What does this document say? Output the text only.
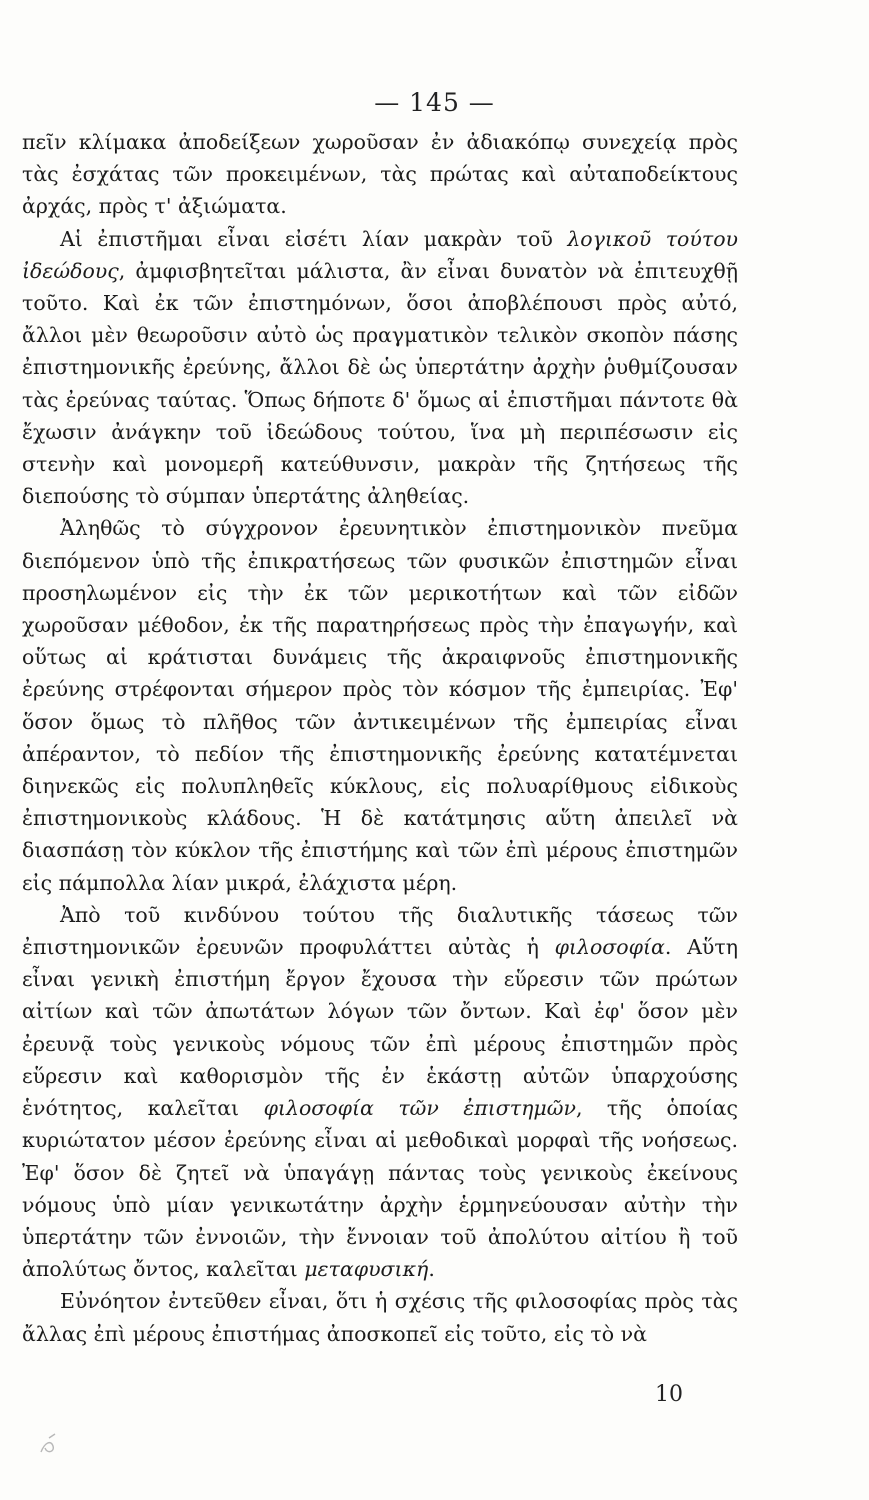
— 145 —

πεῖν κλίμακα ἀποδείξεων χωροῦσαν ἐν ἀδιακόπῳ συνεχείᾳ πρὸς τὰς ἐσχάτας τῶν προκειμένων, τὰς πρώτας καὶ αὐταποδείκτους ἀρχάς, πρὸς τ' ἀξιώματα.

Αἱ ἐπιστῆμαι εἶναι εἰσέτι λίαν μακρὰν τοῦ λογικοῦ τούτου ἰδεώδους, ἀμφισβητεῖται μάλιστα, ἂν εἶναι δυνατὸν νὰ ἐπιτευχθῇ τοῦτο. Καὶ ἐκ τῶν ἐπιστημόνων, ὅσοι ἀποβλέπουσι πρὸς αὐτό, ἄλλοι μὲν θεωροῦσιν αὐτὸ ὡς πραγματικὸν τελικὸν σκοπὸν πάσης ἐπιστημονικῆς ἐρεύνης, ἄλλοι δὲ ὡς ὑπερτάτην ἀρχὴν ῥυθμίζουσαν τὰς ἐρεύνας ταύτας. Ὅπως δήποτε δ' ὅμως αἱ ἐπιστῆμαι πάντοτε θὰ ἔχωσιν ἀνάγκην τοῦ ἰδεώδους τούτου, ἵνα μὴ περιπέσωσιν εἰς στενὴν καὶ μονομερῆ κατεύθυνσιν, μακρὰν τῆς ζητήσεως τῆς διεπούσης τὸ σύμπαν ὑπερτάτης ἀληθείας.

Ἀληθῶς τὸ σύγχρονον ἐρευνητικὸν ἐπιστημονικὸν πνεῦμα διεπόμενον ὑπὸ τῆς ἐπικρατήσεως τῶν φυσικῶν ἐπιστημῶν εἶναι προσηλωμένον εἰς τὴν ἐκ τῶν μερικοτήτων καὶ τῶν εἰδῶν χωροῦσαν μέθοδον, ἐκ τῆς παρατηρήσεως πρὸς τὴν ἐπαγωγήν, καὶ οὕτως αἱ κράτισται δυνάμεις τῆς ἀκραιφνοῦς ἐπιστημονικῆς ἐρεύνης στρέφονται σήμερον πρὸς τὸν κόσμον τῆς ἐμπειρίας. Ἐφ' ὅσον ὅμως τὸ πλῆθος τῶν ἀντικειμένων τῆς ἐμπειρίας εἶναι ἀπέραντον, τὸ πεδίον τῆς ἐπιστημονικῆς ἐρεύνης κατατέμνεται διηνεκῶς εἰς πολυπληθεῖς κύκλους, εἰς πολυαρίθμους εἰδικοὺς ἐπιστημονικοὺς κλάδους. Ἡ δὲ κατάτμησις αὕτη ἀπειλεῖ νὰ διασπάσῃ τὸν κύκλον τῆς ἐπιστήμης καὶ τῶν ἐπὶ μέρους ἐπιστημῶν εἰς πάμπολλα λίαν μικρά, ἐλάχιστα μέρη.

Ἀπὸ τοῦ κινδύνου τούτου τῆς διαλυτικῆς τάσεως τῶν ἐπιστημονικῶν ἐρευνῶν προφυλάττει αὐτὰς ἡ φιλοσοφία. Αὕτη εἶναι γενικὴ ἐπιστήμη ἔργον ἔχουσα τὴν εὕρεσιν τῶν πρώτων αἰτίων καὶ τῶν ἀπωτάτων λόγων τῶν ὄντων. Καὶ ἐφ' ὅσον μὲν ἐρευνᾷ τοὺς γενικοὺς νόμους τῶν ἐπὶ μέρους ἐπιστημῶν πρὸς εὕρεσιν καὶ καθορισμὸν τῆς ἐν ἑκάστῃ αὐτῶν ὑπαρχούσης ἑνότητος, καλεῖται φιλοσοφία τῶν ἐπιστημῶν, τῆς ὁποίας κυριώτατον μέσον ἐρεύνης εἶναι αἱ μεθοδικαὶ μορφαὶ τῆς νοήσεως. Ἐφ' ὅσον δὲ ζητεῖ νὰ ὑπαγάγῃ πάντας τοὺς γενικοὺς ἐκείνους νόμους ὑπὸ μίαν γενικωτάτην ἀρχὴν ἑρμηνεύουσαν αὐτὴν τὴν ὑπερτάτην τῶν ἐννοιῶν, τὴν ἔννοιαν τοῦ ἀπολύτου αἰτίου ἢ τοῦ ἀπολύτως ὄντος, καλεῖται μεταφυσική.

Εὐνόητον ἐντεῦθεν εἶναι, ὅτι ἡ σχέσις τῆς φιλοσοφίας πρὸς τὰς ἄλλας ἐπὶ μέρους ἐπιστήμας ἀποσκοπεῖ εἰς τοῦτο, εἰς τὸ νὰ

10
